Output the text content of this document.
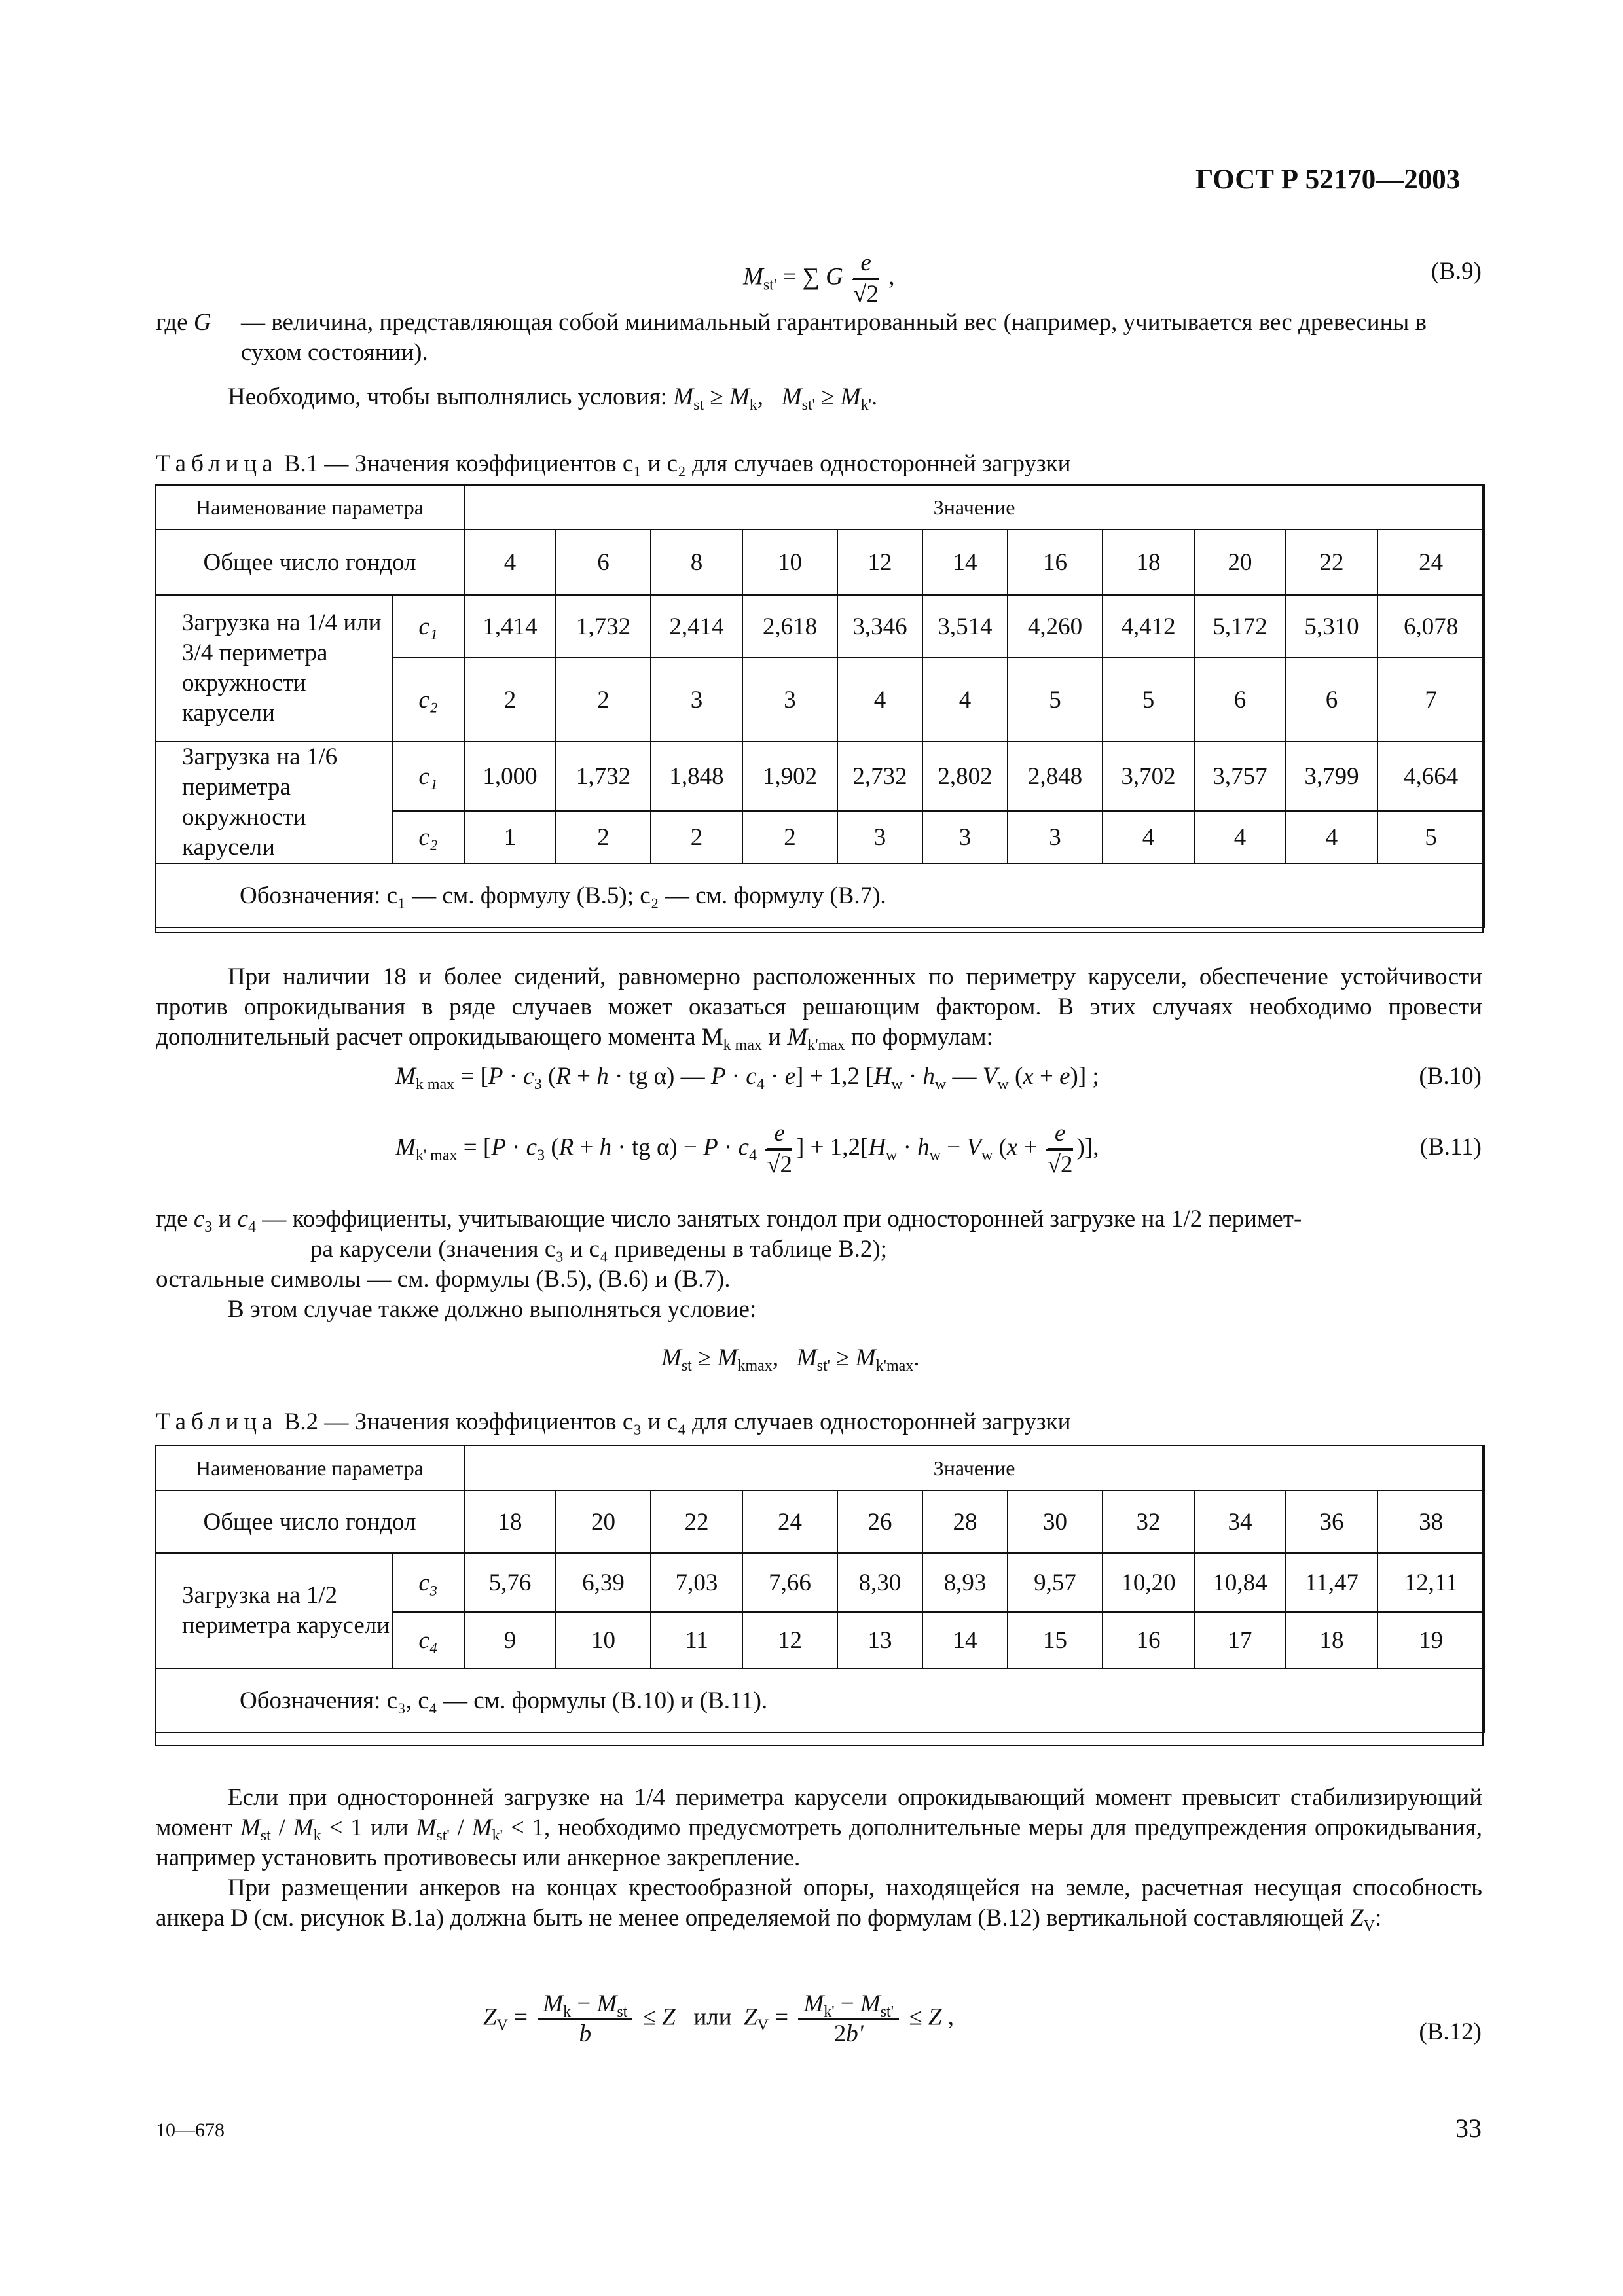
ГОСТ Р 52170—2003
$M_{st'}$ = ∑ G $\frac{e}{√2}$ ,	(В.9)
где G — величина, представляющая собой минимальный гарантированный вес (например, учитывается вес древесины в сухом состоянии).
Необходимо, чтобы выполнялись условия: $M_{st} \ge M_k$,   $M_{st'} \ge M_{k'}$.
Таблица В.1 — Значения коэффициентов c₁ и c₂ для случаев односторонней загрузки
Наименование параметра		Значение										
Общее число гондол		4	6	8	10	12	14	16	18	20	22	24
Загрузка на 1/4 или 3/4 периметра окружности карусели	c₁	1,414	1,732	2,414	2,618	3,346	3,514	4,260	4,412	5,172	5,310	6,078
	c₂	2	2	3	3	4	4	5	5	6	6	7
Загрузка на 1/6 периметра окружности карусели	c₁	1,000	1,732	1,848	1,902	2,732	2,802	2,848	3,702	3,757	3,799	4,664
	c₂	1	2	2	2	3	3	3	4	4	4	5
Обозначения: c₁ — см. формулу (В.5); c₂ — см. формулу (В.7).												

При наличии 18 и более сидений, равномерно расположенных по периметру карусели, обеспечение устойчивости против опрокидывания в ряде случаев может оказаться решающим фактором. В этих случаях необходимо провести дополнительный расчет опрокидывающего момента $M_{k max}$ и $M_{k'max}$ по формулам:

$M_{k max} = [P \cdot c_3$ (R + h · tg α) — $P \cdot c_4 \cdot e] + 1,2$ [$H_w \cdot h_w$ — $V_w$ (x + e)] ;	(В.10)
$M_{k' max} = [P \cdot c_3$ (R + h · tg $\alpha) - P \cdot c_4 \frac{e}{√2}$ ] + $1,2[H_w \cdot h_w - V_w$ ($x + \frac{e}{√2}$ )],	(В.11)
где $c_3$ и $c_4$ — коэффициенты, учитывающие число занятых гондол при односторонней загрузке на 1/2 перимет-
ра карусели (значения c₃ и c₄ приведены в таблице В.2);
остальные символы — см. формулы (В.5), (В.6) и (В.7).
В этом случае также должно выполняться условие:
$M_{st} \ge M_{kmax}$,   $M_{st'} \ge M_{k'max}$.
Таблица В.2 — Значения коэффициентов c₃ и c₄ для случаев односторонней загрузки
Наименование параметра		Значение										
Общее число гондол		18	20	22	24	26	28	30	32	34	36	38
Загрузка на 1/2 периметра карусели	c₃	5,76	6,39	7,03	7,66	8,30	8,93	9,57	10,20	10,84	11,47	12,11
	c₄	9	10	11	12	13	14	15	16	17	18	19
Обозначения: c₃, c₄ — см. формулы (В.10) и (В.11).												

Если при односторонней загрузке на 1/4 периметра карусели опрокидывающий момент превысит стабилизирующий момент $M_{st} / M_k < 1$ или $M_{st'} / M_{k'} < 1$, необходимо предусмотреть дополнительные меры для предупреждения опрокидывания, например установить противовесы или анкерное закрепление.

При размещении анкеров на концах крестообразной опоры, находящейся на земле, расчетная несущая способность анкера D (см. рисунок В.1а) должна быть не менее определяемой по формулам (В.12) вертикальной составляющей $Z_V$:

$Z_V = \frac{M_k - M_{st}}{b} \le Z$ или $Z_V = \frac{M_{k'} - M_{st'}}{2b'} \le Z$ ,
(В.12)
10—678	33
